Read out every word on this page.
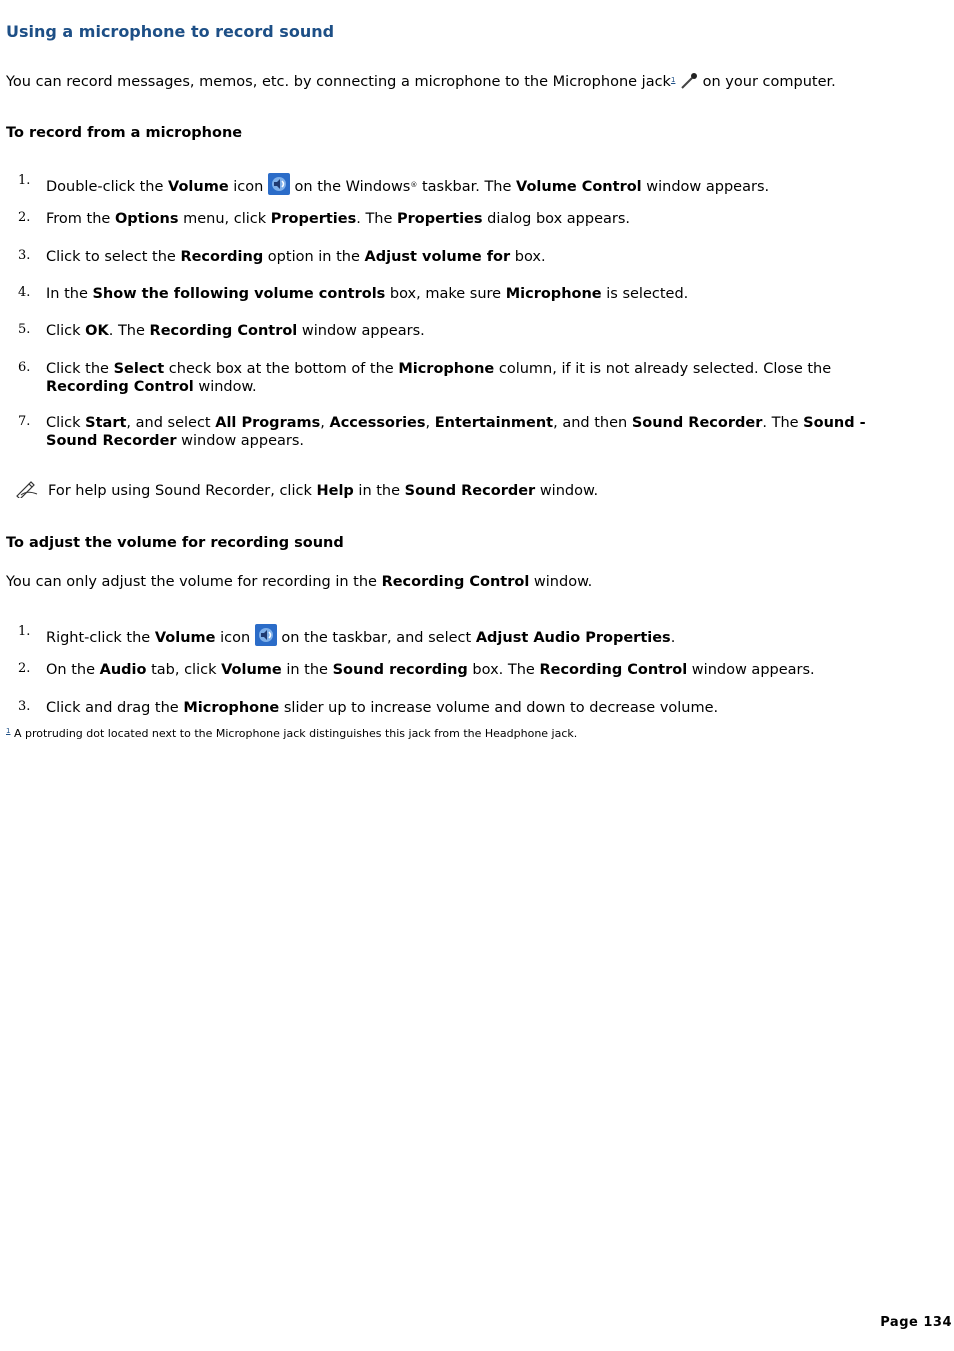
Using a microphone to record sound
You can record messages, memos, etc. by connecting a microphone to the Microphone jack$^1$  on your computer.
To record from a microphone
1. Double-click the Volume icon  on the Windows® taskbar. The Volume Control window appears.
2. From the Options menu, click Properties. The Properties dialog box appears.
3. Click to select the Recording option in the Adjust volume for box.
4. In the Show the following volume controls box, make sure Microphone is selected.
5. Click OK. The Recording Control window appears.
6. Click the Select check box at the bottom of the Microphone column, if it is not already selected. Close the Recording Control window.
7. Click Start, and select All Programs, Accessories, Entertainment, and then Sound Recorder. The Sound - Sound Recorder window appears.
For help using Sound Recorder, click Help in the Sound Recorder window.
To adjust the volume for recording sound
You can only adjust the volume for recording in the Recording Control window.
1. Right-click the Volume icon  on the taskbar, and select Adjust Audio Properties.
2. On the Audio tab, click Volume in the Sound recording box. The Recording Control window appears.
3. Click and drag the Microphone slider up to increase volume and down to decrease volume.
$^1$ A protruding dot located next to the Microphone jack distinguishes this jack from the Headphone jack.
Page 134
